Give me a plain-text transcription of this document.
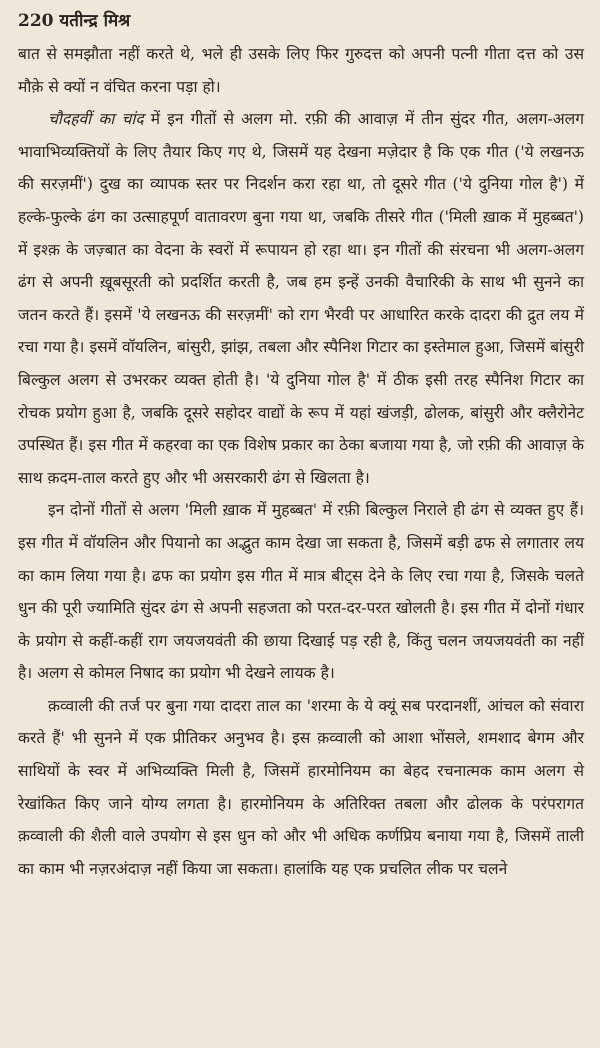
220 यतीन्द्र मिश्र

बात से समझौता नहीं करते थे, भले ही उसके लिए फिर गुरुदत्त को अपनी पत्नी गीता दत्त को उस मौक़े से क्यों न वंचित करना पड़ा हो।

चौदहवीं का चांद में इन गीतों से अलग मो. रफ़ी की आवाज़ में तीन सुंदर गीत, अलग-अलग भावाभिव्यक्तियों के लिए तैयार किए गए थे, जिसमें यह देखना मज़ेदार है कि एक गीत ('ये लखनऊ की सरज़मीं') दुख का व्यापक स्तर पर निदर्शन करा रहा था, तो दूसरे गीत ('ये दुनिया गोल है') में हल्के-फुल्के ढंग का उत्साहपूर्ण वातावरण बुना गया था, जबकि तीसरे गीत ('मिली ख़ाक में मुहब्बत') में इश्क़ के जज़्बात का वेदना के स्वरों में रूपायन हो रहा था। इन गीतों की संरचना भी अलग-अलग ढंग से अपनी ख़ूबसूरती को प्रदर्शित करती है, जब हम इन्हें उनकी वैचारिकी के साथ भी सुनने का जतन करते हैं। इसमें 'ये लखनऊ की सरज़मीं' को राग भैरवी पर आधारित करके दादरा की द्रुत लय में रचा गया है। इसमें वॉयलिन, बांसुरी, झांझ, तबला और स्पैनिश गिटार का इस्तेमाल हुआ, जिसमें बांसुरी बिल्कुल अलग से उभरकर व्यक्त होती है। 'ये दुनिया गोल है' में ठीक इसी तरह स्पैनिश गिटार का रोचक प्रयोग हुआ है, जबकि दूसरे सहोदर वाद्यों के रूप में यहां खंजड़ी, ढोलक, बांसुरी और क्लैरोनेट उपस्थित हैं। इस गीत में कहरवा का एक विशेष प्रकार का ठेका बजाया गया है, जो रफ़ी की आवाज़ के साथ क़दम-ताल करते हुए और भी असरकारी ढंग से खिलता है।

इन दोनों गीतों से अलग 'मिली ख़ाक में मुहब्बत' में रफ़ी बिल्कुल निराले ही ढंग से व्यक्त हुए हैं। इस गीत में वॉयलिन और पियानो का अद्भुत काम देखा जा सकता है, जिसमें बड़ी ढफ से लगातार लय का काम लिया गया है। ढफ का प्रयोग इस गीत में मात्र बीट्स देने के लिए रचा गया है, जिसके चलते धुन की पूरी ज्यामिति सुंदर ढंग से अपनी सहजता को परत-दर-परत खोलती है। इस गीत में दोनों गंधार के प्रयोग से कहीं-कहीं राग जयजयवंती की छाया दिखाई पड़ रही है, किंतु चलन जयजयवंती का नहीं है। अलग से कोमल निषाद का प्रयोग भी देखने लायक है।

क़व्वाली की तर्ज पर बुना गया दादरा ताल का 'शरमा के ये क्यूं सब परदानशीं, आंचल को संवारा करते हैं' भी सुनने में एक प्रीतिकर अनुभव है। इस क़व्वाली को आशा भोंसले, शमशाद बेगम और साथियों के स्वर में अभिव्यक्ति मिली है, जिसमें हारमोनियम का बेहद रचनात्मक काम अलग से रेखांकित किए जाने योग्य लगता है। हारमोनियम के अतिरिक्त तबला और ढोलक के परंपरागत क़व्वाली की शैली वाले उपयोग से इस धुन को और भी अधिक कर्णप्रिय बनाया गया है, जिसमें ताली का काम भी नज़रअंदाज़ नहीं किया जा सकता। हालांकि यह एक प्रचलित लीक पर चलने
